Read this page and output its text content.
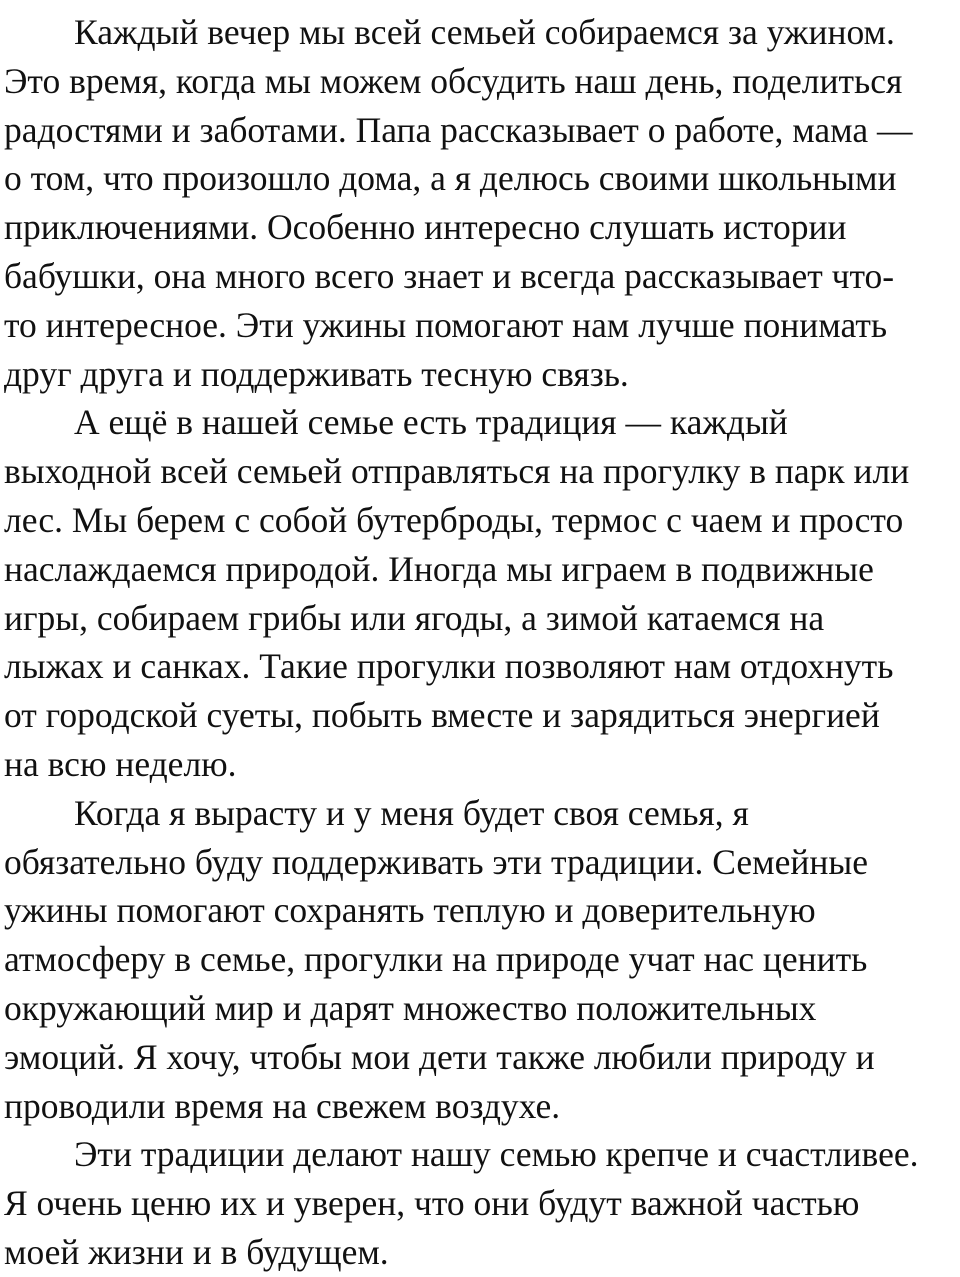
Каждый вечер мы всей семьей собираемся за ужином.
Это время, когда мы можем обсудить наш день, поделиться
радостями и заботами. Папа рассказывает о работе, мама —
о том, что произошло дома, а я делюсь своими школьными
приключениями. Особенно интересно слушать истории
бабушки, она много всего знает и всегда рассказывает что-
то интересное. Эти ужины помогают нам лучше понимать
друг друга и поддерживать тесную связь.
А ещё в нашей семье есть традиция — каждый
выходной всей семьей отправляться на прогулку в парк или
лес. Мы берем с собой бутерброды, термос с чаем и просто
наслаждаемся природой. Иногда мы играем в подвижные
игры, собираем грибы или ягоды, а зимой катаемся на
лыжах и санках. Такие прогулки позволяют нам отдохнуть
от городской суеты, побыть вместе и зарядиться энергией
на всю неделю.
Когда я вырасту и у меня будет своя семья, я
обязательно буду поддерживать эти традиции. Семейные
ужины помогают сохранять теплую и доверительную
атмосферу в семье, прогулки на природе учат нас ценить
окружающий мир и дарят множество положительных
эмоций. Я хочу, чтобы мои дети также любили природу и
проводили время на свежем воздухе.
Эти традиции делают нашу семью крепче и счастливее.
Я очень ценю их и уверен, что они будут важной частью
моей жизни и в будущем.
